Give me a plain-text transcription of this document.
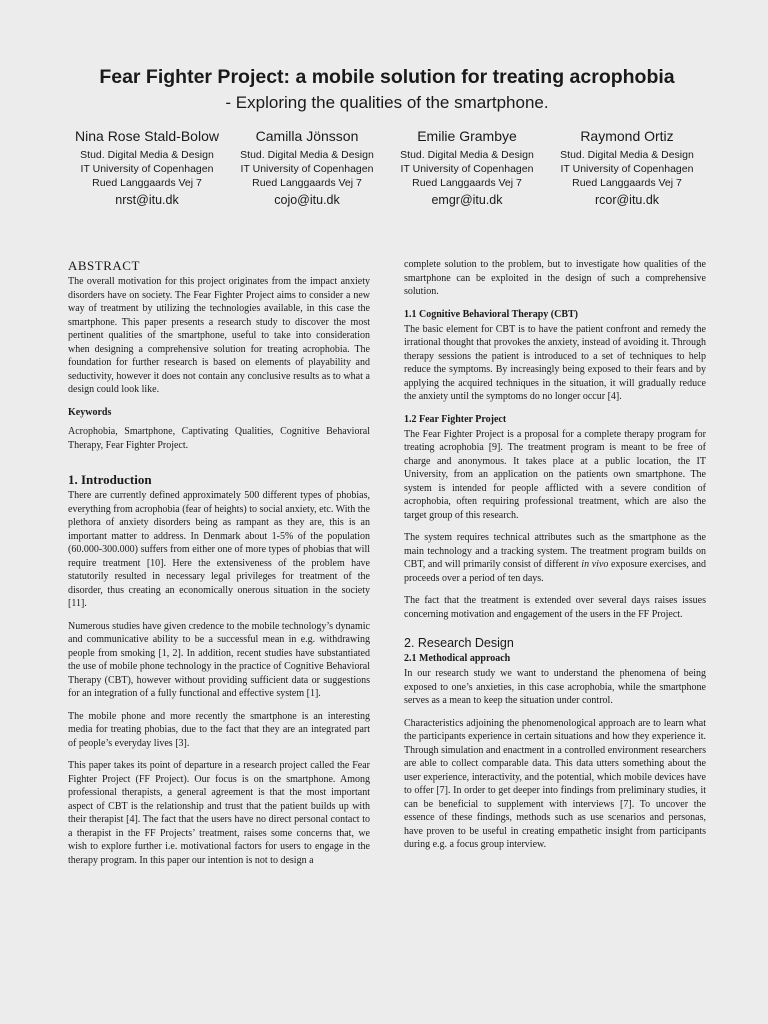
Fear Fighter Project: a mobile solution for treating acrophobia
- Exploring the qualities of the smartphone.
Nina Rose Stald-Bolow
Stud. Digital Media & Design
IT University of Copenhagen
Rued Langgaards Vej 7
nrst@itu.dk
Camilla Jönsson
Stud. Digital Media & Design
IT University of Copenhagen
Rued Langgaards Vej 7
cojo@itu.dk
Emilie Grambye
Stud. Digital Media & Design
IT University of Copenhagen
Rued Langgaards Vej 7
emgr@itu.dk
Raymond Ortiz
Stud. Digital Media & Design
IT University of Copenhagen
Rued Langgaards Vej 7
rcor@itu.dk
ABSTRACT

The overall motivation for this project originates from the impact anxiety disorders have on society. The Fear Fighter Project aims to consider a new way of treatment by utilizing the technologies available, in this case the smartphone. This paper presents a research study to discover the most pertinent qualities of the smartphone, useful to take into consideration when designing a comprehensive solution for treating acrophobia. The foundation for further research is based on elements of playability and seductivity, however it does not contain any conclusive results as to what a design could look like.

Keywords

Acrophobia, Smartphone, Captivating Qualities, Cognitive Behavioral Therapy, Fear Fighter Project.

1. Introduction

There are currently defined approximately 500 different types of phobias, everything from acrophobia (fear of heights) to social anxiety, etc. With the plethora of anxiety disorders being as rampant as they are, this is an important matter to address. In Denmark about 1-5% of the population (60.000-300.000) suffers from either one of more types of phobias that will require treatment [10]. Here the extensiveness of the problem have statutorily resulted in necessary legal privileges for treatment of the disorder, thus creating an economically onerous situation in the society [11].

Numerous studies have given credence to the mobile technology’s dynamic and communicative ability to be a successful mean in e.g. withdrawing people from smoking [1, 2]. In addition, recent studies have substantiated the use of mobile phone technology in the practice of Cognitive Behavioral Therapy (CBT), however without providing sufficient data or suggestions for an integration of a fully functional and effective system [1].

The mobile phone and more recently the smartphone is an interesting media for treating phobias, due to the fact that they are an integrated part of people’s everyday lives [3].

This paper takes its point of departure in a research project called the Fear Fighter Project (FF Project). Our focus is on the smartphone. Among professional therapists, a general agreement is that the most important aspect of CBT is the relationship and trust that the patient builds up with their therapist [4]. The fact that the users have no direct personal contact to a therapist in the FF Projects’ treatment, raises some concerns that, we wish to explore further i.e. motivational factors for users to engage in the therapy program. In this paper our intention is not to design a

complete solution to the problem, but to investigate how qualities of the smartphone can be exploited in the design of such a comprehensive solution.

1.1 Cognitive Behavioral Therapy (CBT)

The basic element for CBT is to have the patient confront and remedy the irrational thought that provokes the anxiety, instead of avoiding it. Through therapy sessions the patient is introduced to a set of techniques to help reduce the symptoms. By increasingly being exposed to their fears and by applying the acquired techniques in the situation, it will gradually reduce the anxiety until the symptoms do no longer occur [4].

1.2 Fear Fighter Project

The Fear Fighter Project is a proposal for a complete therapy program for treating acrophobia [9]. The treatment program is meant to be free of charge and anonymous. It takes place at a public location, the IT University, from an application on the patients own smartphone. The system is intended for people afflicted with a severe condition of acrophobia, often requiring professional treatment, which are also the target group of this research.

The system requires technical attributes such as the smartphone as the main technology and a tracking system. The treatment program builds on CBT, and will primarily consist of different in vivo exposure exercises, and proceeds over a period of ten days.

The fact that the treatment is extended over several days raises issues concerning motivation and engagement of the users in the FF Project.

2. Research Design
2.1 Methodical approach

In our research study we want to understand the phenomena of being exposed to one’s anxieties, in this case acrophobia, while the smartphone serves as a mean to keep the situation under control.

Characteristics adjoining the phenomenological approach are to learn what the participants experience in certain situations and how they experience it. Through simulation and enactment in a controlled environment researchers are able to collect comparable data. This data utters something about the user experience, interactivity, and the potential, which mobile devices have to offer [7]. In order to get deeper into findings from preliminary studies, it can be beneficial to supplement with interviews [7]. To uncover the essence of these findings, methods such as use scenarios and personas, have proven to be useful in creating empathetic insight from participants during e.g. a focus group interview.
